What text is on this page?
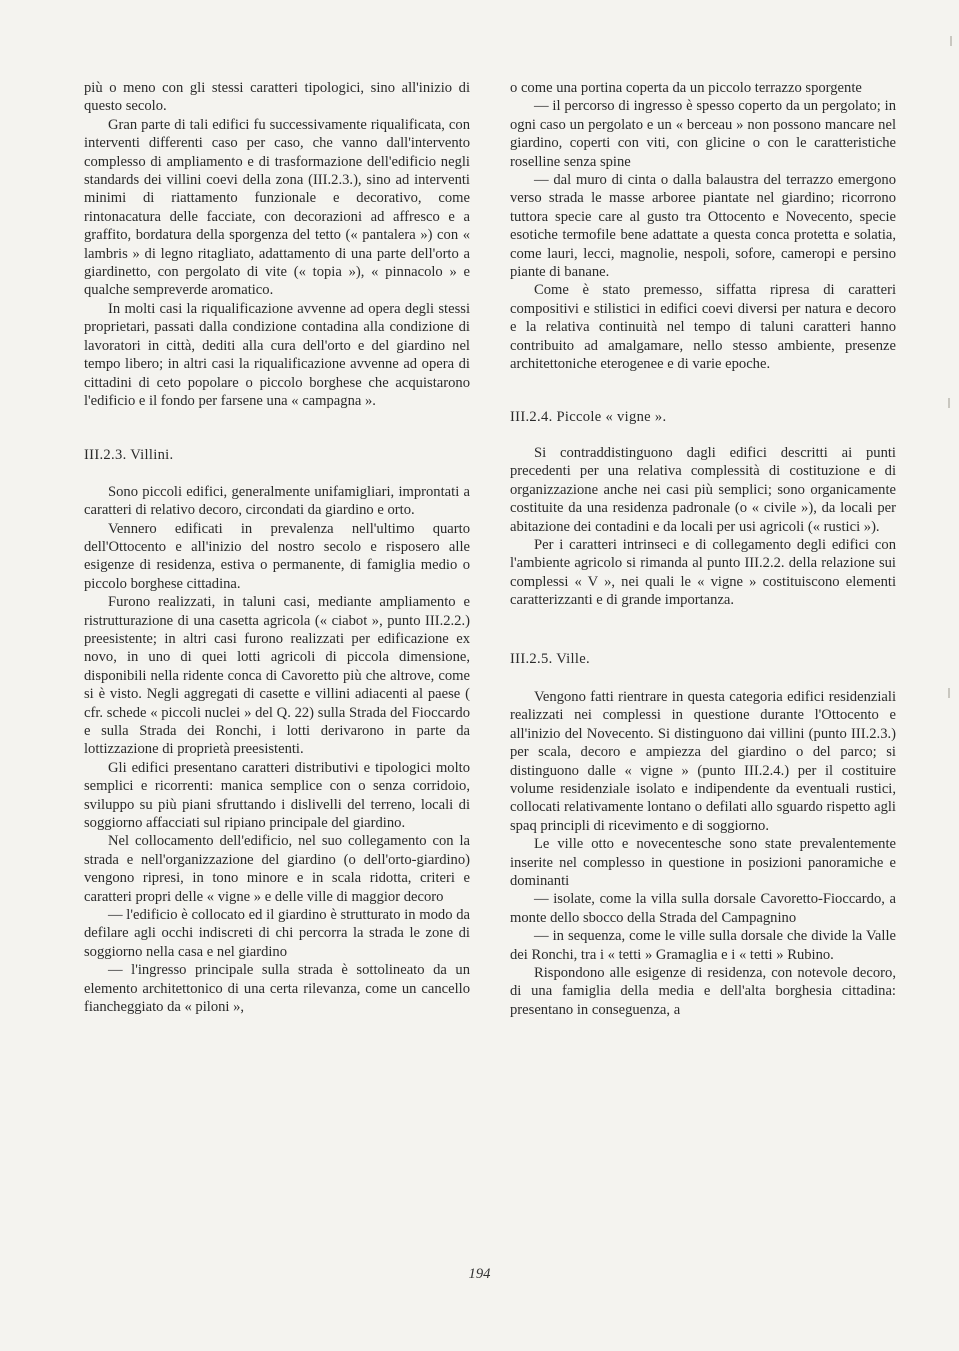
più o meno con gli stessi caratteri tipologici, sino all'inizio di questo secolo.

Gran parte di tali edifici fu successivamente riqualificata, con interventi differenti caso per caso, che vanno dall'intervento complesso di ampliamento e di trasformazione dell'edificio negli standards dei villini coevi della zona (III.2.3.), sino ad interventi minimi di riattamento funzionale e decorativo, come rintonacatura delle facciate, con decorazioni ad affresco e a graffito, bordatura della sporgenza del tetto (« pantalera ») con « lambris » di legno ritagliato, adattamento di una parte dell'orto a giardinetto, con pergolato di vite (« topia »), « pinnacolo » e qualche sempreverde aromatico.

In molti casi la riqualificazione avvenne ad opera degli stessi proprietari, passati dalla condizione contadina alla condizione di lavoratori in città, dediti alla cura dell'orto e del giardino nel tempo libero; in altri casi la riqualificazione avvenne ad opera di cittadini di ceto popolare o piccolo borghese che acquistarono l'edificio e il fondo per farsene una « campagna ».

III.2.3. Villini.

Sono piccoli edifici, generalmente unifamigliari, improntati a caratteri di relativo decoro, circondati da giardino e orto.

Vennero edificati in prevalenza nell'ultimo quarto dell'Ottocento e all'inizio del nostro secolo e risposero alle esigenze di residenza, estiva o permanente, di famiglia medio o piccolo borghese cittadina.

Furono realizzati, in taluni casi, mediante ampliamento e ristrutturazione di una casetta agricola (« ciabot », punto III.2.2.) preesistente; in altri casi furono realizzati per edificazione ex novo, in uno di quei lotti agricoli di piccola dimensione, disponibili nella ridente conca di Cavoretto più che altrove, come si è visto. Negli aggregati di casette e villini adiacenti al paese ( cfr. schede « piccoli nuclei » del Q. 22) sulla Strada del Fioccardo e sulla Strada dei Ronchi, i lotti derivarono in parte da lottizzazione di proprietà preesistenti.

Gli edifici presentano caratteri distributivi e tipologici molto semplici e ricorrenti: manica semplice con o senza corridoio, sviluppo su più piani sfruttando i dislivelli del terreno, locali di soggiorno affacciati sul ripiano principale del giardino.

Nel collocamento dell'edificio, nel suo collegamento con la strada e nell'organizzazione del giardino (o dell'orto-giardino) vengono ripresi, in tono minore e in scala ridotta, criteri e caratteri propri delle « vigne » e delle ville di maggior decoro

— l'edificio è collocato ed il giardino è strutturato in modo da defilare agli occhi indiscreti di chi percorra la strada le zone di soggiorno nella casa e nel giardino

— l'ingresso principale sulla strada è sottolineato da un elemento architettonico di una certa rilevanza, come un cancello fiancheggiato da « piloni »,

o come una portina coperta da un piccolo terrazzo sporgente

— il percorso di ingresso è spesso coperto da un pergolato; in ogni caso un pergolato e un « berceau » non possono mancare nel giardino, coperti con viti, con glicine o con le caratteristiche roselline senza spine

— dal muro di cinta o dalla balaustra del terrazzo emergono verso strada le masse arboree piantate nel giardino; ricorrono tuttora specie care al gusto tra Ottocento e Novecento, specie esotiche termofile bene adattate a questa conca protetta e solatia, come lauri, lecci, magnolie, nespoli, sofore, cameropi e persino piante di banane.

Come è stato premesso, siffatta ripresa di caratteri compositivi e stilistici in edifici coevi diversi per natura e decoro e la relativa continuità nel tempo di taluni caratteri hanno contribuito ad amalgamare, nello stesso ambiente, presenze architettoniche eterogenee e di varie epoche.

III.2.4. Piccole « vigne ».

Si contraddistinguono dagli edifici descritti ai punti precedenti per una relativa complessità di costituzione e di organizzazione anche nei casi più semplici; sono organicamente costituite da una residenza padronale (o « civile »), da locali per abitazione dei contadini e da locali per usi agricoli (« rustici »).

Per i caratteri intrinseci e di collegamento degli edifici con l'ambiente agricolo si rimanda al punto III.2.2. della relazione sui complessi « V », nei quali le « vigne » costituiscono elementi caratterizzanti e di grande importanza.

III.2.5. Ville.

Vengono fatti rientrare in questa categoria edifici residenziali realizzati nei complessi in questione durante l'Ottocento e all'inizio del Novecento. Si distinguono dai villini (punto III.2.3.) per scala, decoro e ampiezza del giardino o del parco; si distinguono dalle « vigne » (punto III.2.4.) per il costituire volume residenziale isolato e indipendente da eventuali rustici, collocati relativamente lontano o defilati allo sguardo rispetto agli spaq principli di ricevimento e di soggiorno.

Le ville otto e novecentesche sono state prevalentemente inserite nel complesso in questione in posizioni panoramiche e dominanti

— isolate, come la villa sulla dorsale Cavoretto-Fioccardo, a monte dello sbocco della Strada del Campagnino

— in sequenza, come le ville sulla dorsale che divide la Valle dei Ronchi, tra i « tetti » Gramaglia e i « tetti » Rubino.

Rispondono alle esigenze di residenza, con notevole decoro, di una famiglia della media e dell'alta borghesia cittadina: presentano in conseguenza, a

194
